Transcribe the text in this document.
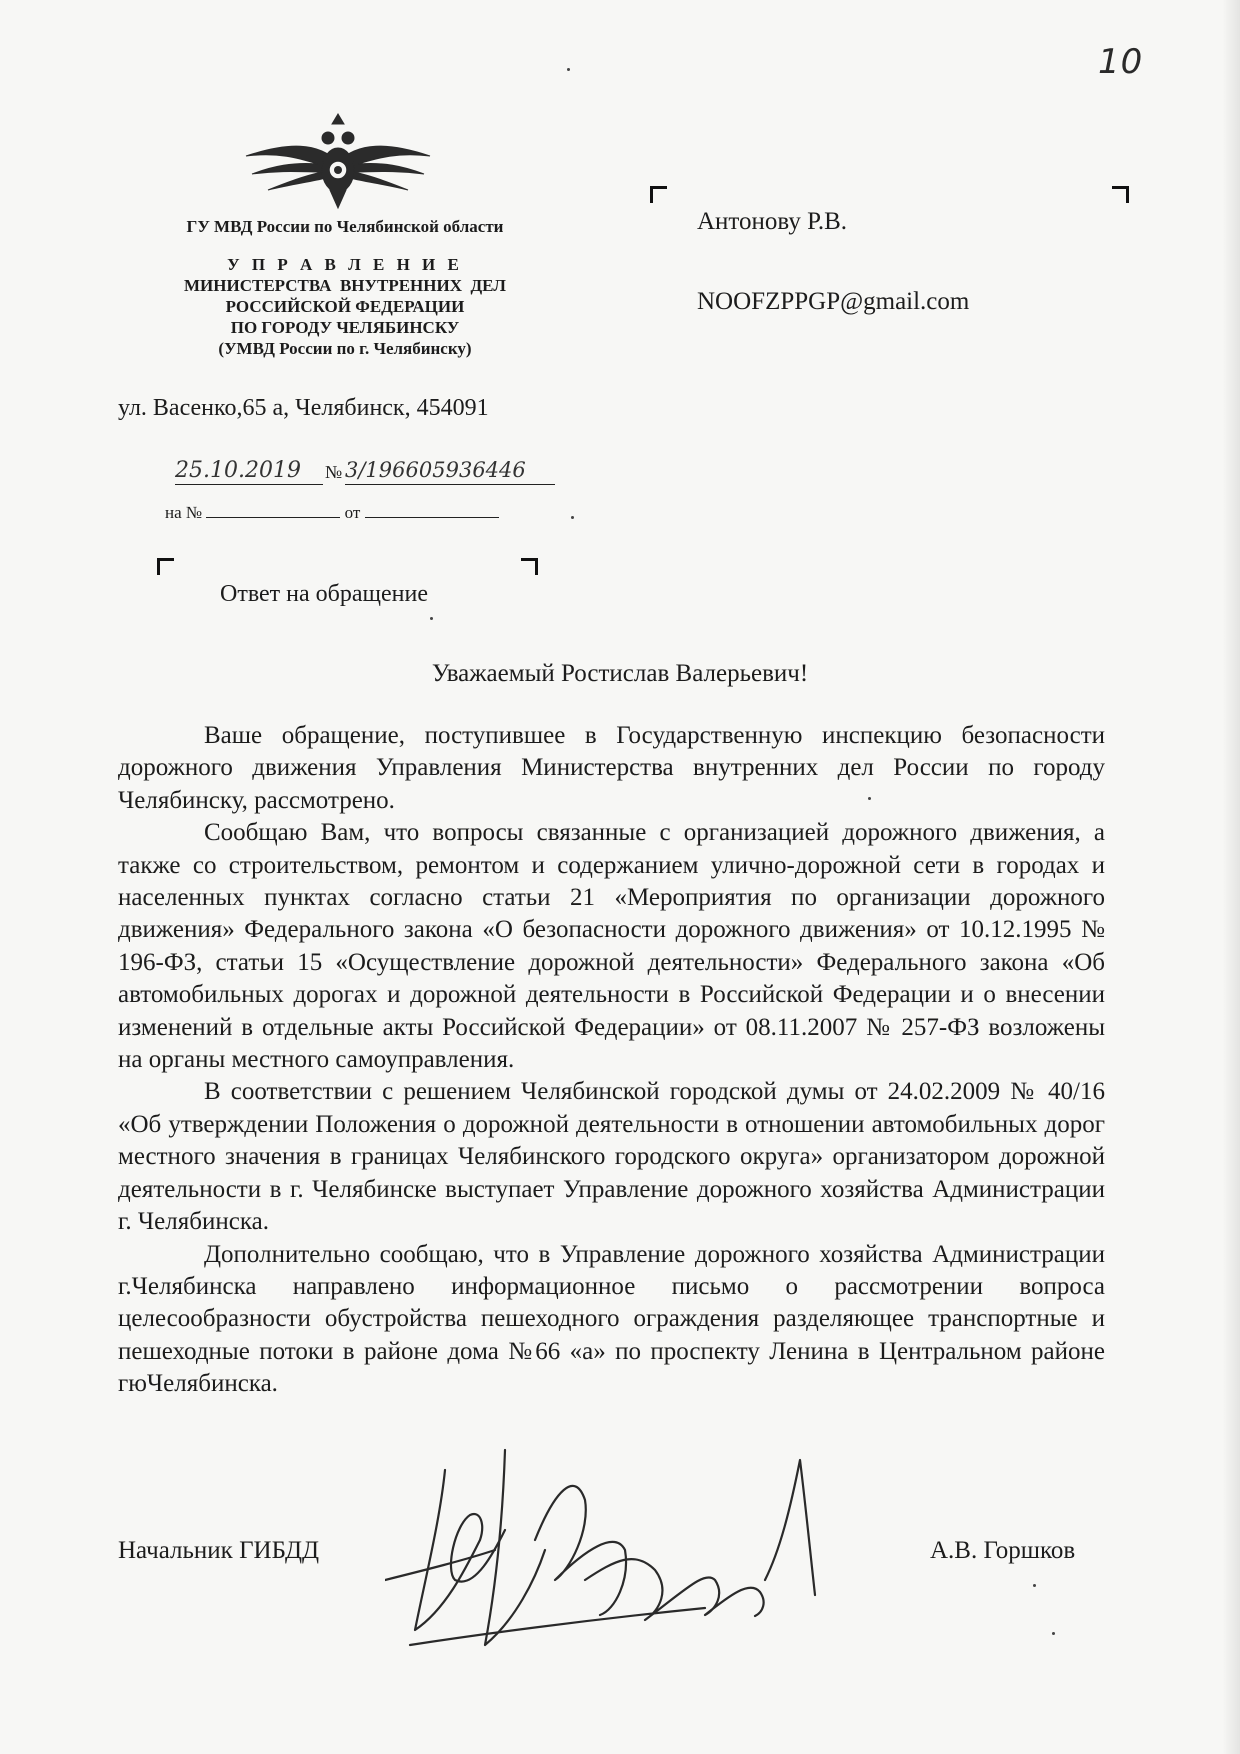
10
ГУ МВД России по Челябинской области
У П Р А В Л Е Н И Е
МИНИСТЕРСТВА  ВНУТРЕННИХ  ДЕЛ
РОССИЙСКОЙ ФЕДЕРАЦИИ
ПО ГОРОДУ ЧЕЛЯБИНСКУ
(УМВД России по г. Челябинску)
ул. Васенко,65 а, Челябинск, 454091
25.10.2019	№ 3/196605936446
на №	от
Антонову Р.В.
NOOFZPPGP@gmail.com
Ответ на обращение
Уважаемый Ростислав Валерьевич!

Ваше обращение, поступившее в Государственную инспекцию безопасности дорожного движения Управления Министерства внутренних дел России по городу Челябинску, рассмотрено.

Сообщаю Вам, что вопросы связанные с организацией дорожного движения, а также со строительством, ремонтом и содержанием улично-дорожной сети в городах и населенных пунктах согласно статьи 21 «Мероприятия по организации дорожного движения» Федерального закона «О безопасности дорожного движения» от 10.12.1995 № 196-ФЗ, статьи 15 «Осуществление дорожной деятельности» Федерального закона «Об автомобильных дорогах и дорожной деятельности в Российской Федерации и о внесении изменений в отдельные акты Российской Федерации» от 08.11.2007 № 257-ФЗ возложены на органы местного самоуправления.

В соответствии с решением Челябинской городской думы от 24.02.2009 № 40/16 «Об утверждении Положения о дорожной деятельности в отношении автомобильных дорог местного значения в границах Челябинского городского округа» организатором дорожной деятельности в г. Челябинске выступает Управление дорожного хозяйства Администрации г. Челябинска.

Дополнительно сообщаю, что в Управление дорожного хозяйства Администрации г.Челябинска направлено информационное письмо о рассмотрении вопроса целесообразности обустройства пешеходного ограждения разделяющее транспортные и пешеходные потоки в районе дома №66 «а» по проспекту Ленина в Центральном районе гюЧелябинска.

Начальник ГИБДД	А.В. Горшков
